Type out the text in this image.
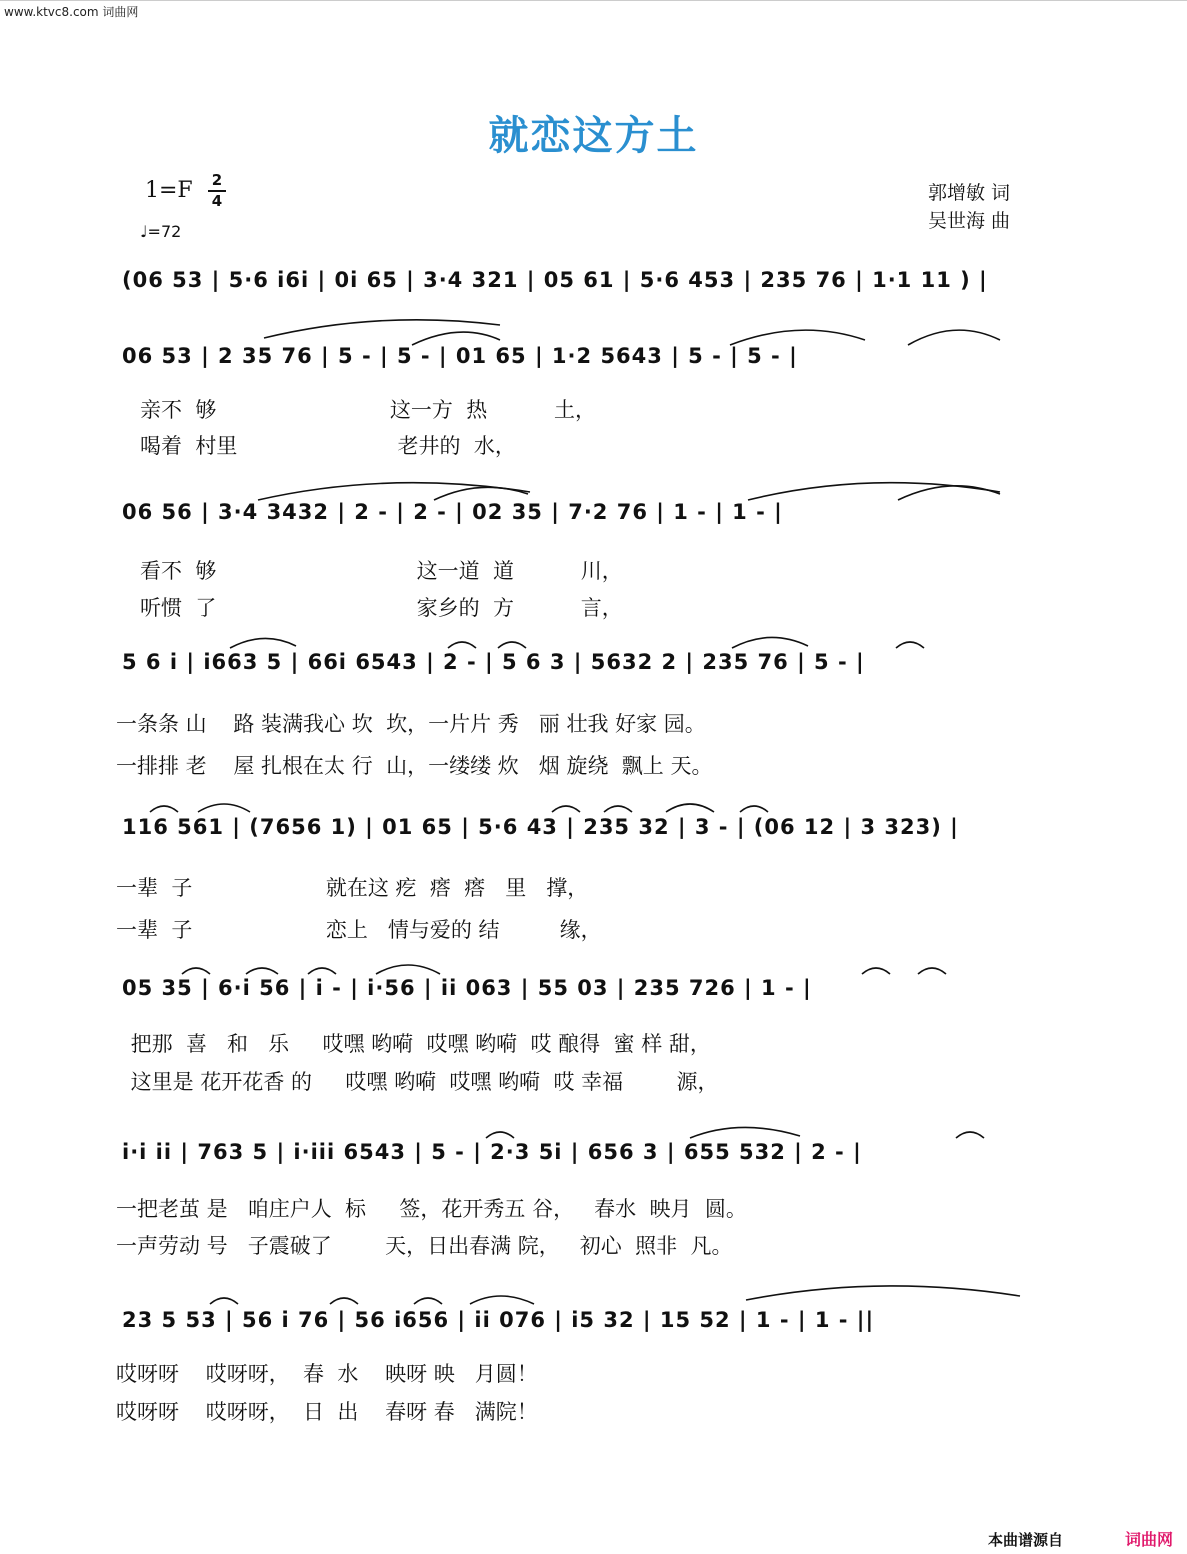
www.ktvc8.com 词曲网
就恋这方土
1=F	2
4
♩=72
郭增敏 词
吴世海 曲
(06 53 | 5·6 i6i | 0i 65 | 3·4 321 | 05 61 | 5·6 453 | 235 76 | 1·1 11 ) |
06 53 | 2 35 76 | 5 - | 5 - | 01 65 | 1·2 5643 | 5 - | 5 - |
亲不  够                          这一方  热          土，
喝着  村里                        老井的  水，
06 56 | 3·4 3432 | 2 - | 2 - | 02 35 | 7·2 76 | 1 - | 1 - |
看不  够                              这一道  道          川，
听惯  了                              家乡的  方          言，
5 6 i | i663 5 | 66i 6543 | 2 - | 5 6 3 | 5632 2 | 235 76 | 5 - |
一条条 山    路 装满我心 坎  坎，一片片 秀   丽 壮我 好家 园。
一排排 老    屋 扎根在太 行  山，一缕缕 炊   烟 旋绕  飘上 天。
116 561 | (7656 1) | 01 65 | 5·6 43 | 235 32 | 3 - | (06 12 | 3 323) |
一辈  子                    就在这 疙  瘩  瘩   里   撑，
一辈  子                    恋上   情与爱的 结         缘，
05 35 | 6·i 56 | i - | i·56 | ii 063 | 55 03 | 235 726 | 1 - |
把那  喜   和   乐     哎嘿 哟嗬  哎嘿 哟嗬  哎 酿得  蜜 样 甜，
这里是 花开花香 的     哎嘿 哟嗬  哎嘿 哟嗬  哎 幸福        源，
i·i ii | 763 5 | i·iii 6543 | 5 - | 2·3 5i | 656 3 | 655 532 | 2 - |
一把老茧 是   咱庄户人  标     签，花开秀五 谷，   春水  映月  圆。
一声劳动 号   子震破了        天，日出春满 院，   初心  照非  凡。
23 5 53 | 56 i 76 | 56 i656 | ii 076 | i5 32 | 15 52 | 1 - | 1 - ||
哎呀呀    哎呀呀，  春  水    映呀 映   月圆！
哎呀呀    哎呀呀，  日  出    春呀 春   满院！
本曲谱源自	词曲网
